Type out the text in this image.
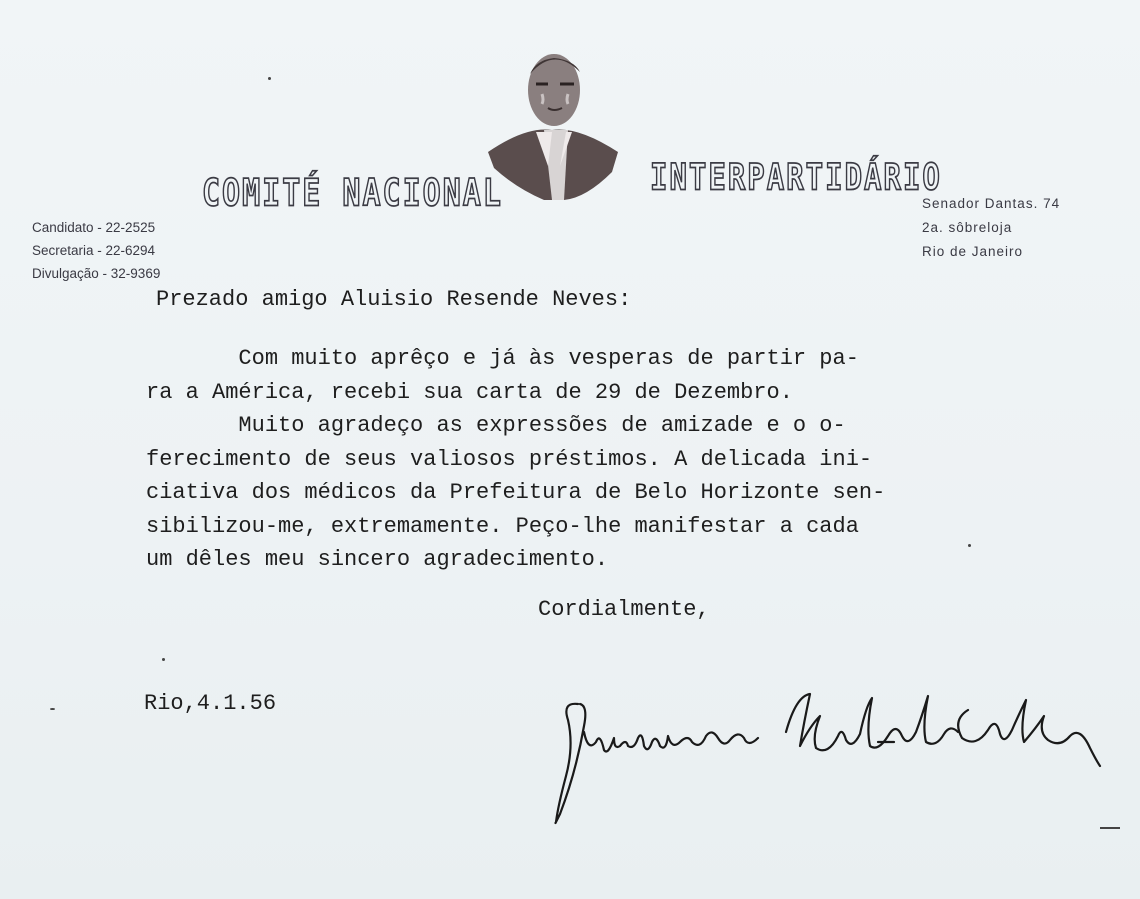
COMITÉ NACIONAL	INTERPARTIDÁRIO
Candidato - 22-2525
Secretaria - 22-6294
Divulgação - 32-9369
Senador Dantas. 74
2a. sôbreloja
Rio de Janeiro
Prezado amigo Aluisio Resende Neves:
Com muito aprêço e já às vesperas de partir pa-
ra a América, recebi sua carta de 29 de Dezembro.
Muito agradeço as expressões de amizade e o o-
ferecimento de seus valiosos préstimos. A delicada ini-
ciativa dos médicos da Prefeitura de Belo Horizonte sen-
sibilizou-me, extremamente. Peço-lhe manifestar a cada
um dêles meu sincero agradecimento.
Cordialmente,
Rio,4.1.56
